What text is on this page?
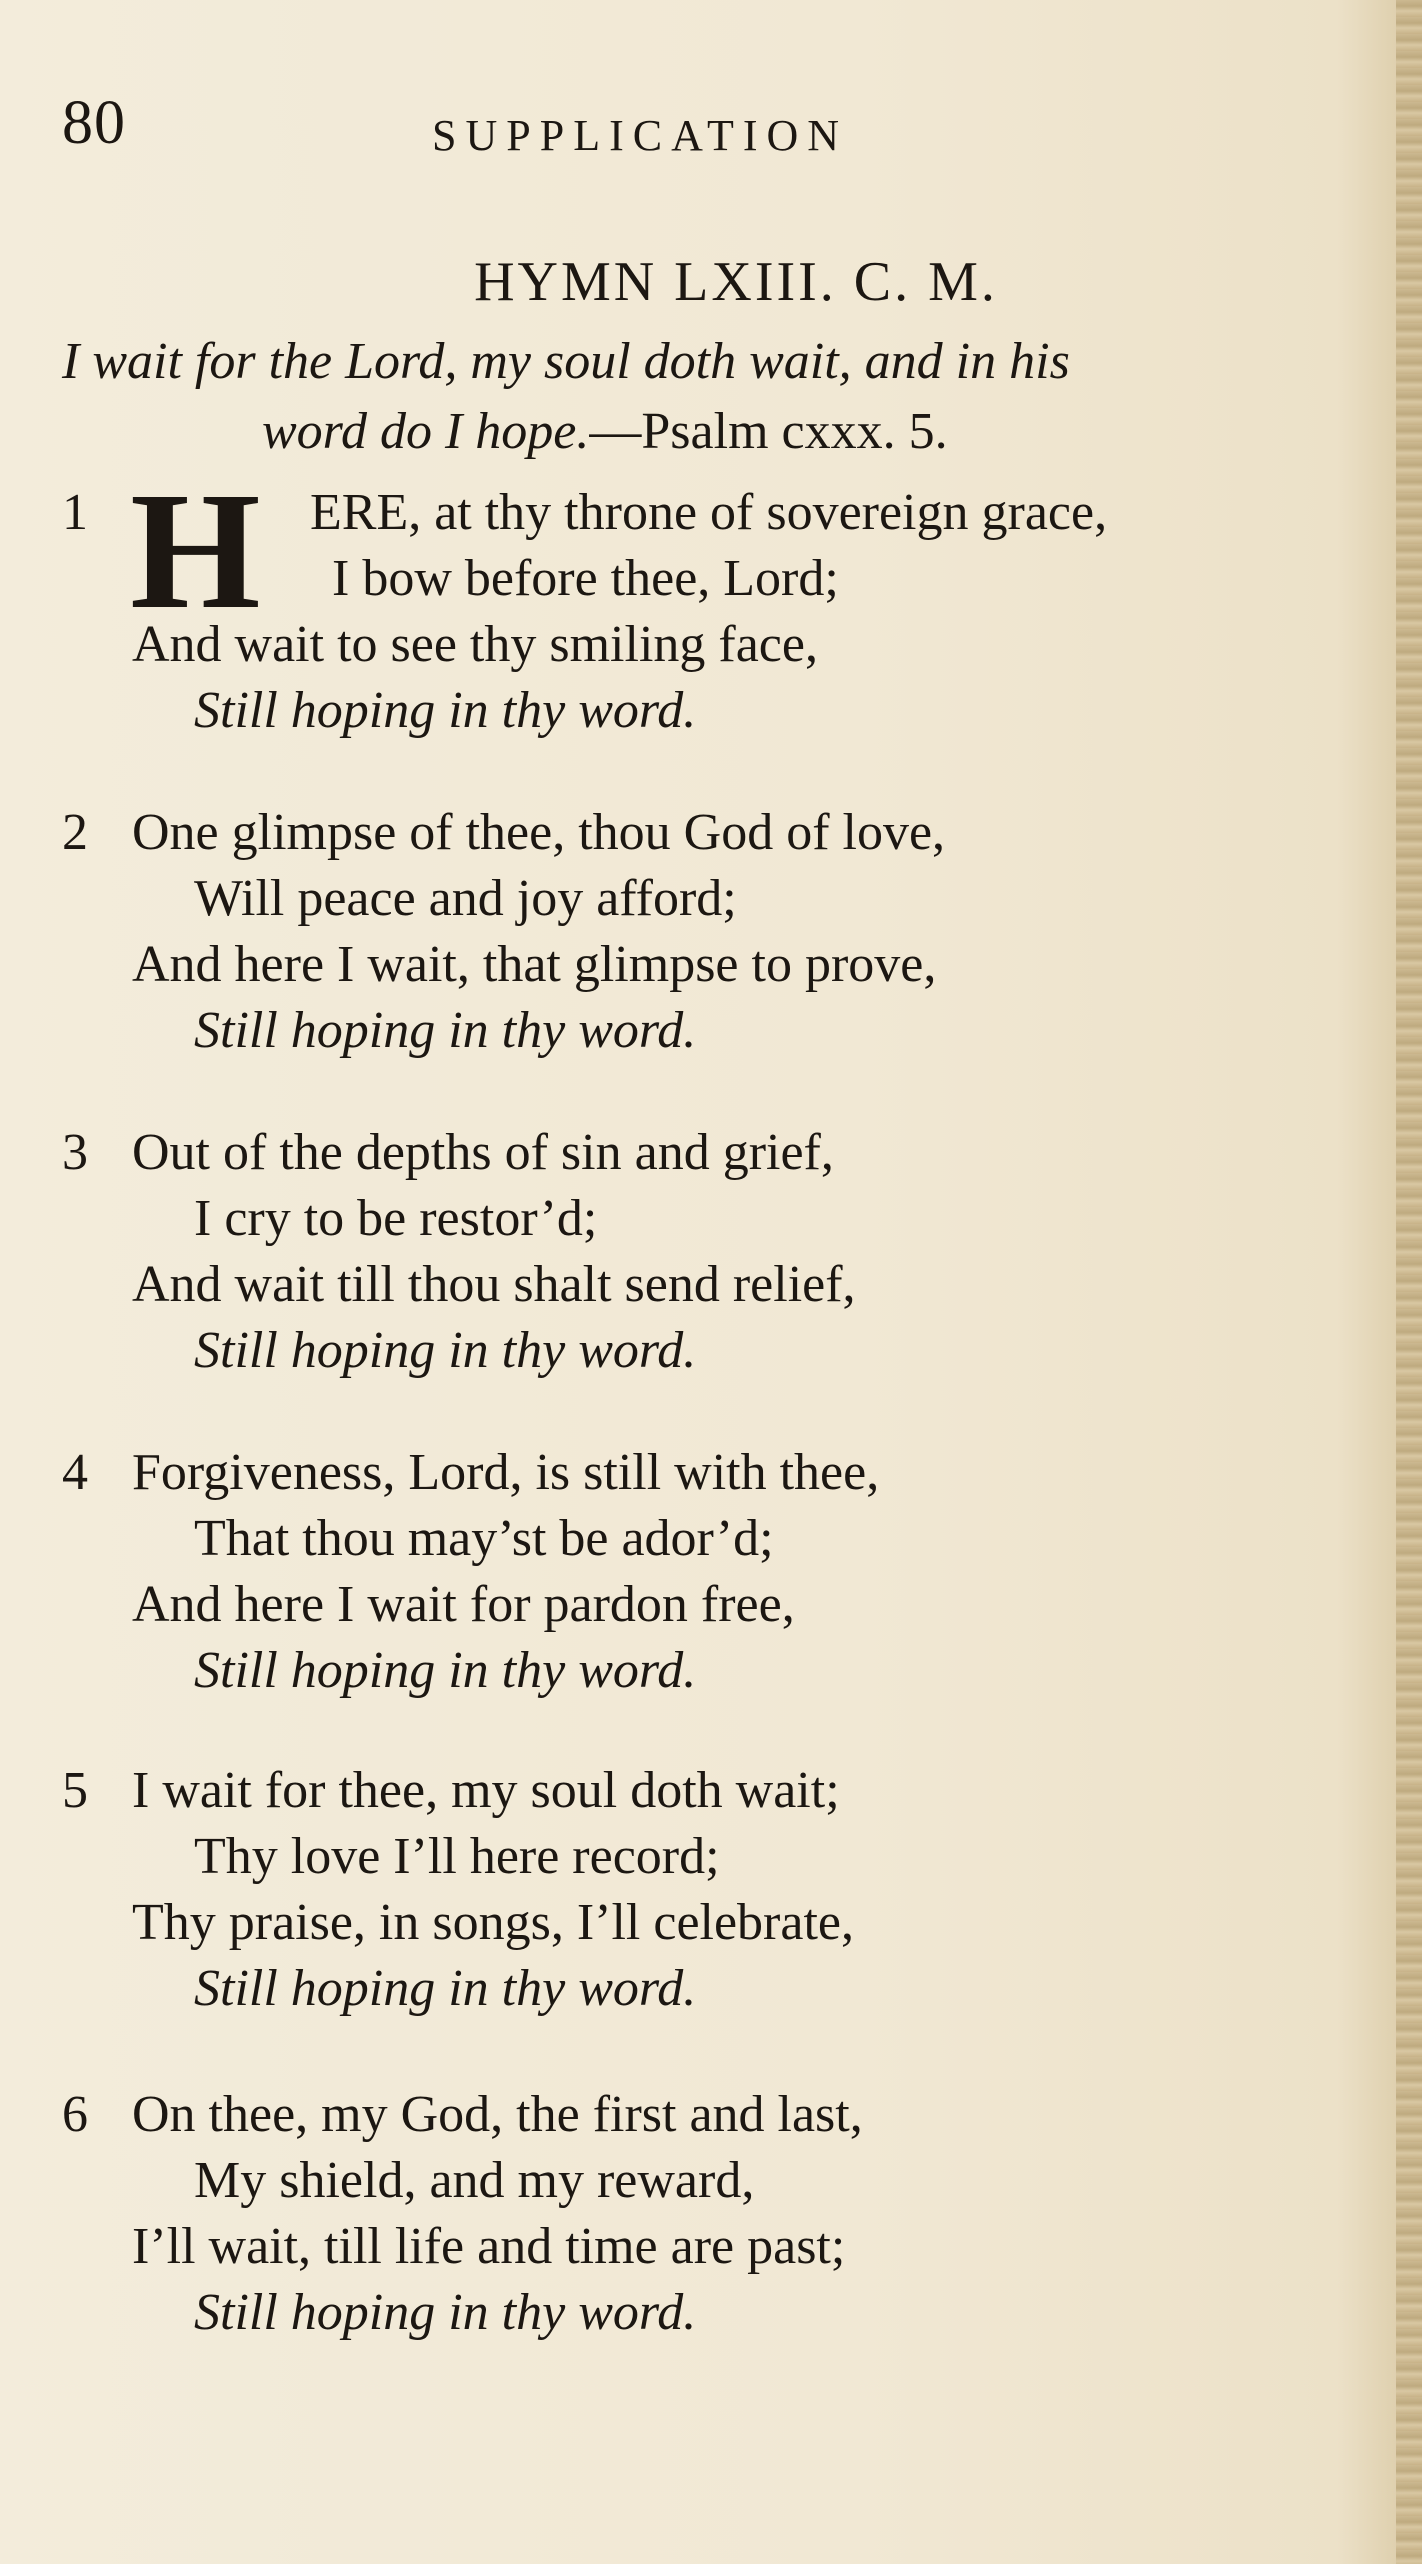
80	SUPPLICATION
HYMN LXIII. C. M.
I wait for the Lord, my soul doth wait, and in his
word do I hope.—Psalm cxxx. 5.
1 H ERE, at thy throne of sovereign grace,
I bow before thee, Lord;
And wait to see thy smiling face,
Still hoping in thy word.
2 One glimpse of thee, thou God of love,
Will peace and joy afford;
And here I wait, that glimpse to prove,
Still hoping in thy word.
3 Out of the depths of sin and grief,
I cry to be restor’d;
And wait till thou shalt send relief,
Still hoping in thy word.
4 Forgiveness, Lord, is still with thee,
That thou may’st be ador’d;
And here I wait for pardon free,
Still hoping in thy word.
5 I wait for thee, my soul doth wait;
Thy love I’ll here record;
Thy praise, in songs, I’ll celebrate,
Still hoping in thy word.
6 On thee, my God, the first and last,
My shield, and my reward,
I’ll wait, till life and time are past;
Still hoping in thy word.
